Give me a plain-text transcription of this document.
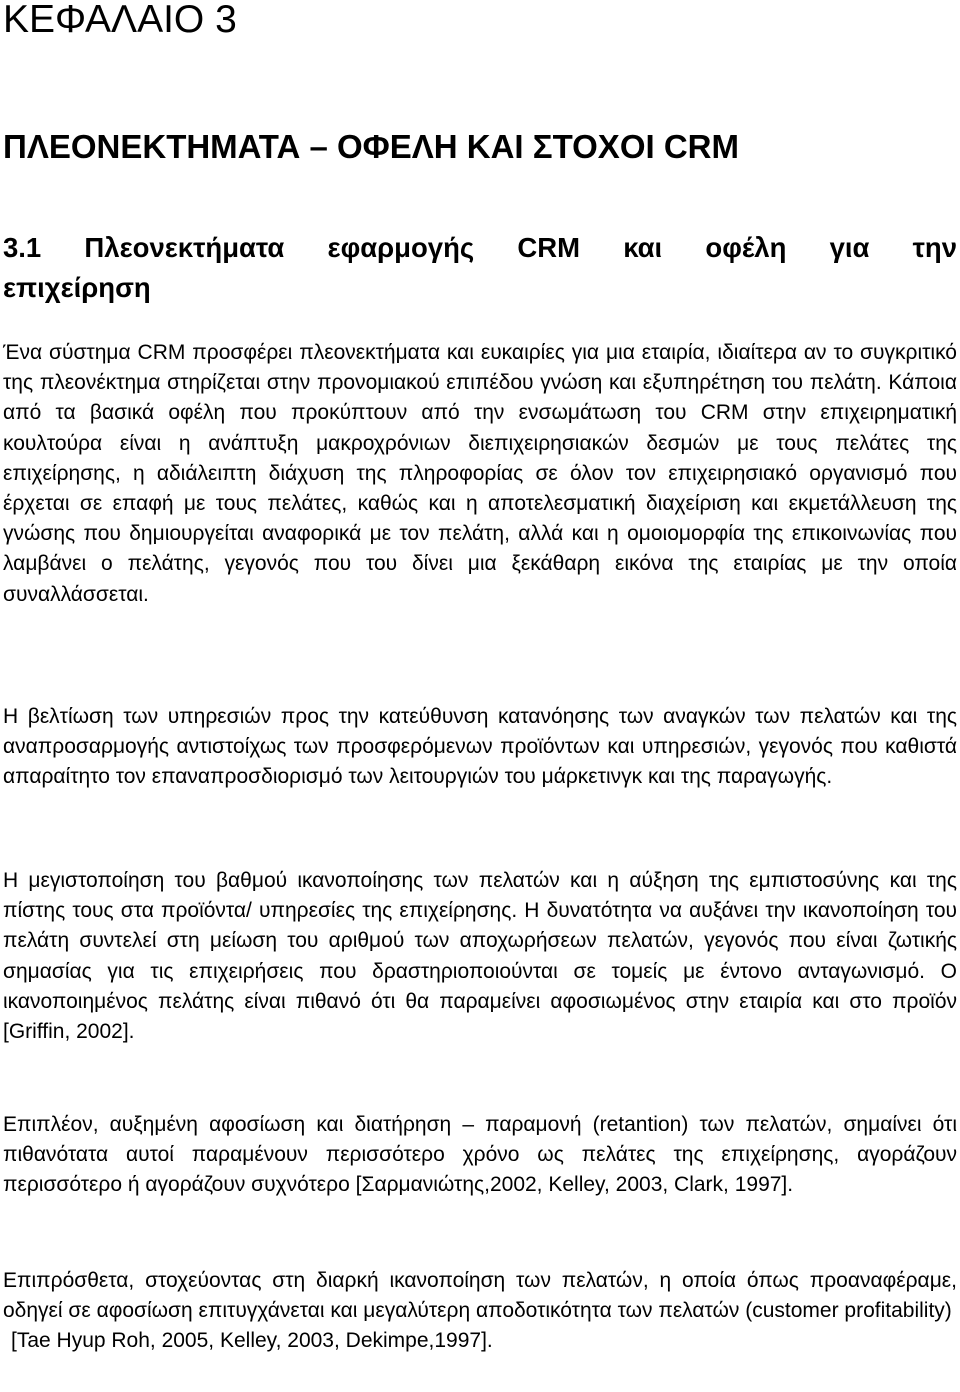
ΚΕΦΑΛΑΙΟ 3
ΠΛΕΟΝΕΚΤΗΜΑΤΑ – ΟΦΕΛΗ ΚΑΙ ΣΤΟΧΟΙ CRM
3.1 Πλεονεκτήματα εφαρμογής CRM και οφέλη για την επιχείρηση

Ένα σύστημα CRM προσφέρει πλεονεκτήματα και ευκαιρίες για μια εταιρία, ιδιαίτερα αν το συγκριτικό της πλεονέκτημα στηρίζεται στην προνομιακού επιπέδου γνώση και εξυπηρέτηση του πελάτη. Κάποια από τα βασικά οφέλη που προκύπτουν από την ενσωμάτωση του CRM στην επιχειρηματική κουλτούρα είναι η ανάπτυξη μακροχρόνιων διεπιχειρησιακών δεσμών με τους πελάτες της επιχείρησης, η αδιάλειπτη διάχυση της πληροφορίας σε όλον τον επιχειρησιακό οργανισμό που έρχεται σε επαφή με τους πελάτες, καθώς και η αποτελεσματική διαχείριση και εκμετάλλευση της γνώσης που δημιουργείται αναφορικά με τον πελάτη, αλλά και η ομοιομορφία της επικοινωνίας που λαμβάνει ο πελάτης, γεγονός που του δίνει μια ξεκάθαρη εικόνα της εταιρίας με την οποία συναλλάσσεται.

Η βελτίωση των υπηρεσιών προς την κατεύθυνση κατανόησης των αναγκών των πελατών και της αναπροσαρμογής αντιστοίχως των προσφερόμενων προϊόντων και υπηρεσιών, γεγονός που καθιστά απαραίτητο τον επαναπροσδιορισμό των λειτουργιών του μάρκετινγκ και της παραγωγής.

Η μεγιστοποίηση του βαθμού ικανοποίησης των πελατών και η αύξηση της εμπιστοσύνης και της πίστης τους στα προϊόντα/ υπηρεσίες της επιχείρησης. Η δυνατότητα να αυξάνει την ικανοποίηση του πελάτη συντελεί στη μείωση του αριθμού των αποχωρήσεων πελατών, γεγονός που είναι ζωτικής σημασίας για τις επιχειρήσεις που δραστηριοποιούνται σε τομείς με έντονο ανταγωνισμό. Ο ικανοποιημένος πελάτης είναι πιθανό ότι θα παραμείνει αφοσιωμένος στην εταιρία και στο προϊόν [Griffin, 2002].

Επιπλέον, αυξημένη αφοσίωση και διατήρηση – παραμονή (retantion) των πελατών, σημαίνει ότι πιθανότατα αυτοί παραμένουν περισσότερο χρόνο ως πελάτες της επιχείρησης, αγοράζουν περισσότερο ή αγοράζουν συχνότερο [Σαρμανιώτης,2002, Kelley, 2003, Clark, 1997].

Επιπρόσθετα, στοχεύοντας στη διαρκή ικανοποίηση των πελατών, η οποία όπως προαναφέραμε, οδηγεί σε αφοσίωση επιτυγχάνεται και μεγαλύτερη αποδοτικότητα των πελατών (customer profitability)
[Tae Hyup Roh, 2005, Kelley, 2003, Dekimpe,1997].
